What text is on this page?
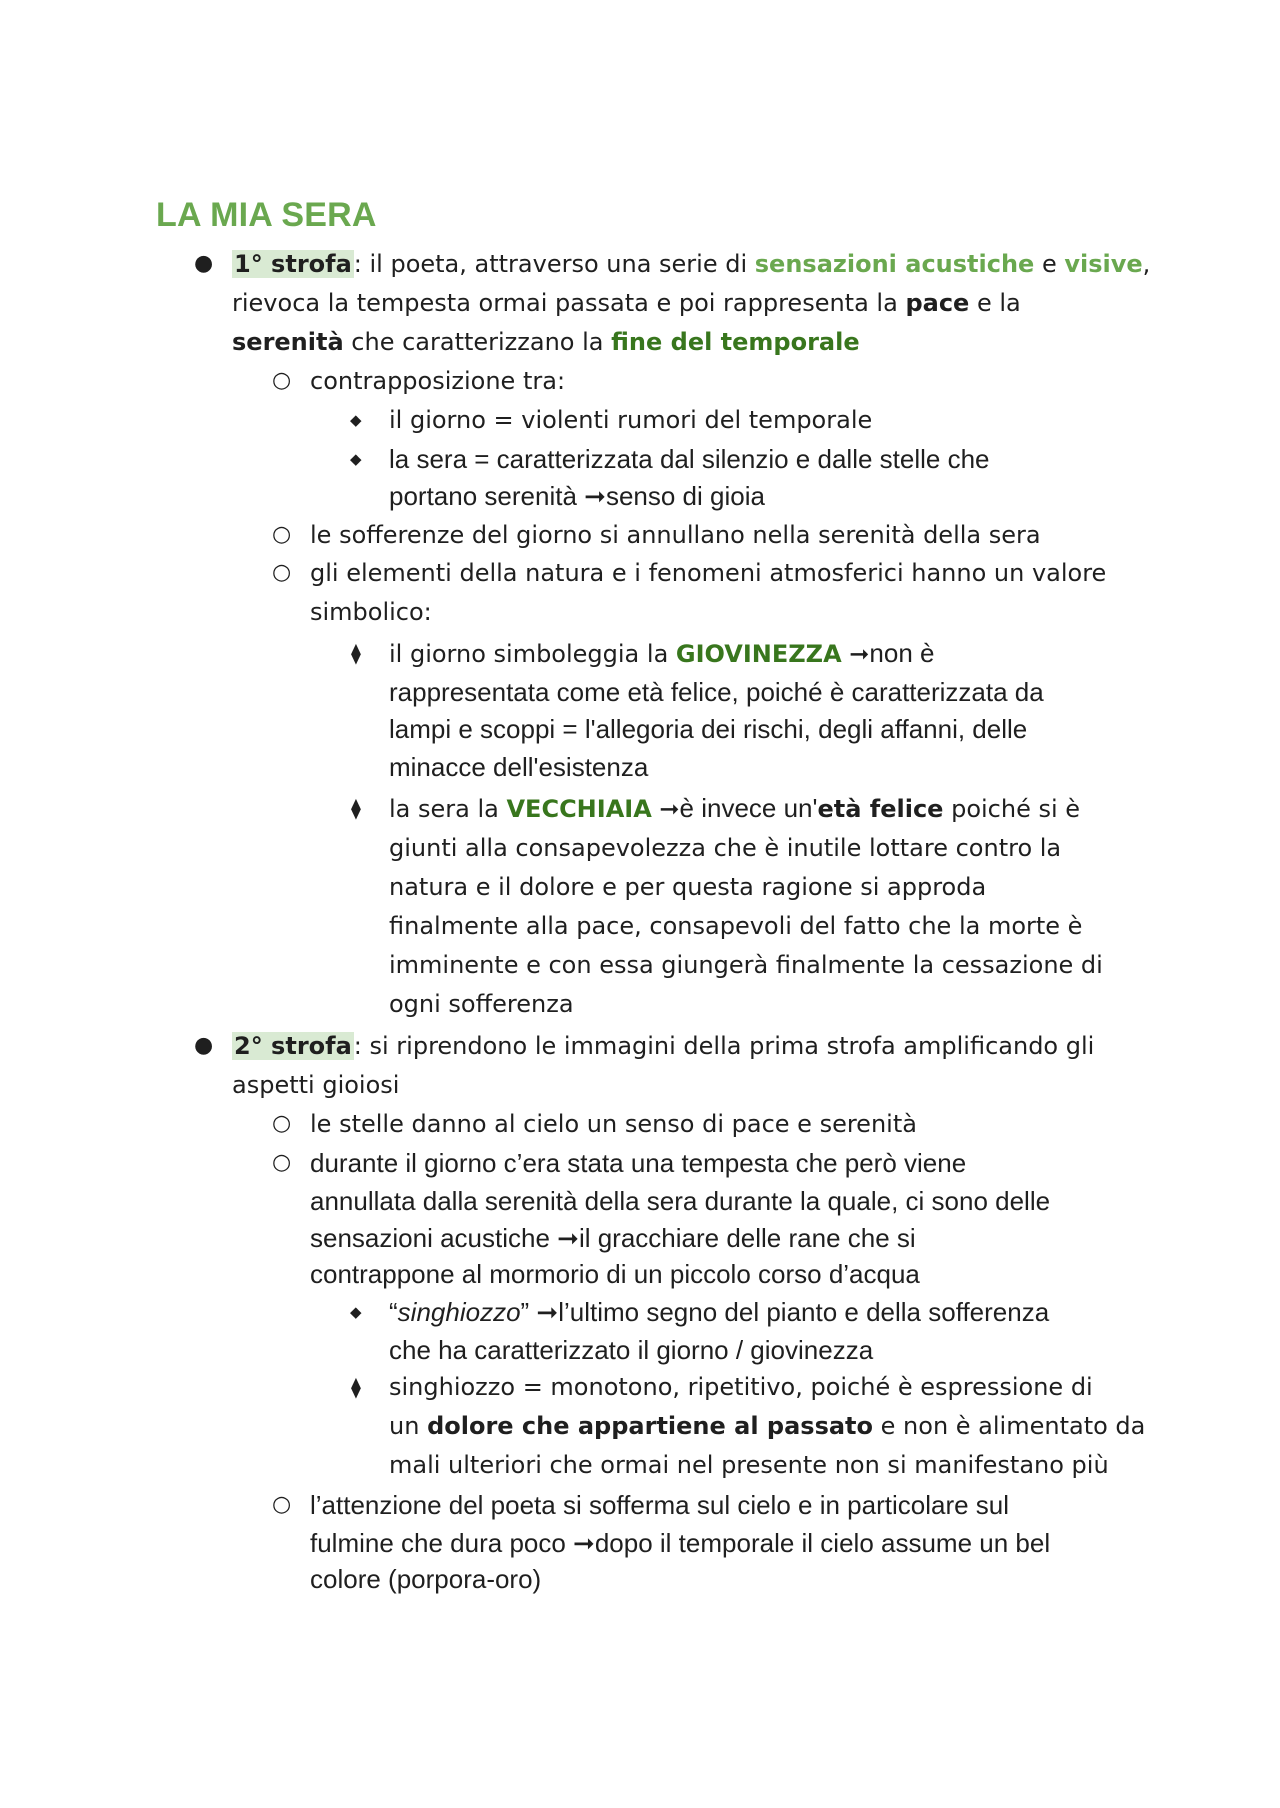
LA MIA SERA
● 1° strofa: il poeta, attraverso una serie di sensazioni acustiche e visive,
rievoca la tempesta ormai passata e poi rappresenta la pace e la
serenità che caratterizzano la fine del temporale
○ contrapposizione tra:
◆ il giorno = violenti rumori del temporale
◆ la sera = caratterizzata dal silenzio e dalle stelle che
portano serenità ➞senso di gioia
○ le sofferenze del giorno si annullano nella serenità della sera
○ gli elementi della natura e i fenomeni atmosferici hanno un valore
simbolico:
⧫ il giorno simboleggia la GIOVINEZZA ➞non è
rappresentata come età felice, poiché è caratterizzata da
lampi e scoppi = l'allegoria dei rischi, degli affanni, delle
minacce dell'esistenza
⧫ la sera la VECCHIAIA ➞è invece un'età felice poiché si è
giunti alla consapevolezza che è inutile lottare contro la
natura e il dolore e per questa ragione si approda
finalmente alla pace, consapevoli del fatto che la morte è
imminente e con essa giungerà finalmente la cessazione di
ogni sofferenza
● 2° strofa: si riprendono le immagini della prima strofa amplificando gli
aspetti gioiosi
○ le stelle danno al cielo un senso di pace e serenità
○ durante il giorno c’era stata una tempesta che però viene
annullata dalla serenità della sera durante la quale, ci sono delle
sensazioni acustiche ➞il gracchiare delle rane che si
contrappone al mormorio di un piccolo corso d’acqua
◆ “singhiozzo” ➞l’ultimo segno del pianto e della sofferenza
che ha caratterizzato il giorno / giovinezza
⧫ singhiozzo = monotono, ripetitivo, poiché è espressione di
un dolore che appartiene al passato e non è alimentato da
mali ulteriori che ormai nel presente non si manifestano più
○ l’attenzione del poeta si sofferma sul cielo e in particolare sul
fulmine che dura poco ➞dopo il temporale il cielo assume un bel
colore (porpora-oro)
